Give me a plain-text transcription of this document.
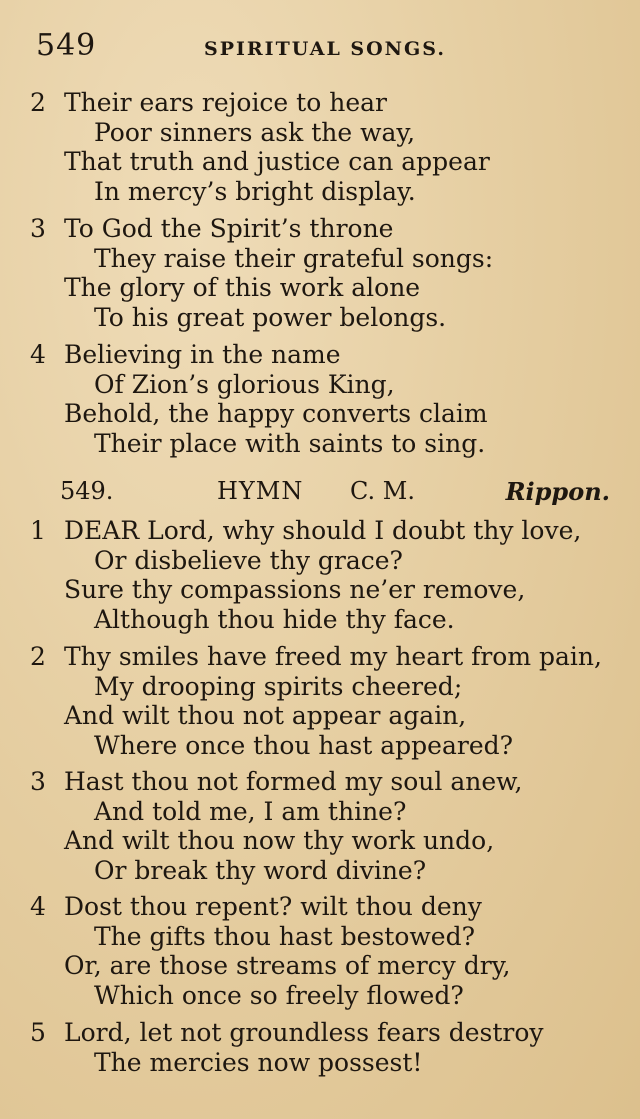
549	SPIRITUAL SONGS.
2 Their ears rejoice to hear
Poor sinners ask the way,
That truth and justice can appear
In mercy’s bright display.
3 To God the Spirit’s throne
They raise their grateful songs:
The glory of this work alone
To his great power belongs.
4 Believing in the name
Of Zion’s glorious King,
Behold, the happy converts claim
Their place with saints to sing.
549.	HYMN C. M.	Rippon.
1 DEAR Lord, why should I doubt thy love,
Or disbelieve thy grace?
Sure thy compassions ne’er remove,
Although thou hide thy face.
2 Thy smiles have freed my heart from pain,
My drooping spirits cheered;
And wilt thou not appear again,
Where once thou hast appeared?
3 Hast thou not formed my soul anew,
And told me, I am thine?
And wilt thou now thy work undo,
Or break thy word divine?
4 Dost thou repent? wilt thou deny
The gifts thou hast bestowed?
Or, are those streams of mercy dry,
Which once so freely flowed?
5 Lord, let not groundless fears destroy
The mercies now possest!
